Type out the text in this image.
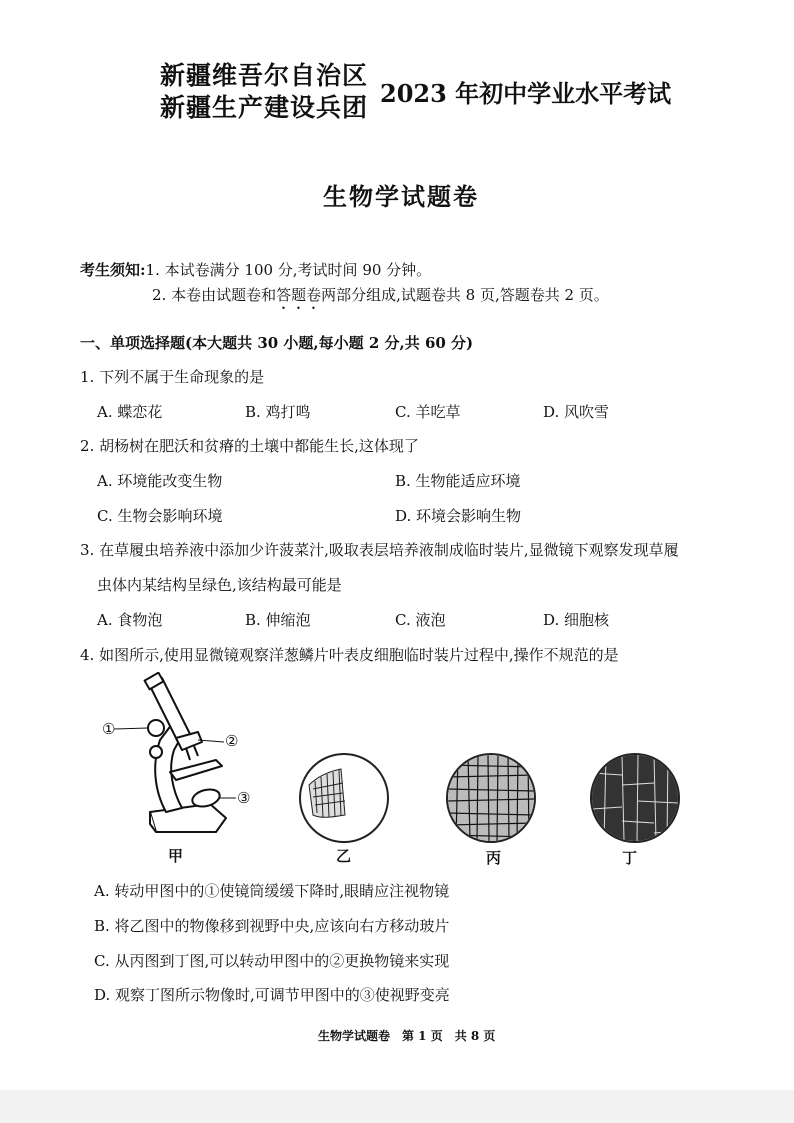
新疆维吾尔自治区
新疆生产建设兵团 2023 年初中学业水平考试
生物学试题卷
考生须知:1. 本试卷满分 100 分,考试时间 90 分钟。
2. 本卷由试题卷和答题卷两部分组成,试题卷共 8 页,答题卷共 2 页。
一、单项选择题(本大题共 30 小题,每小题 2 分,共 60 分)
1. 下列不属于生命现象的是
A. 蝶恋花	B. 鸡打鸣	C. 羊吃草	D. 风吹雪
2. 胡杨树在肥沃和贫瘠的土壤中都能生长,这体现了
A. 环境能改变生物	B. 生物能适应环境
C. 生物会影响环境	D. 环境会影响生物
3. 在草履虫培养液中添加少许菠菜汁,吸取表层培养液制成临时装片,显微镜下观察发现草履
虫体内某结构呈绿色,该结构最可能是
A. 食物泡	B. 伸缩泡	C. 液泡	D. 细胞核
4. 如图所示,使用显微镜观察洋葱鳞片叶表皮细胞临时装片过程中,操作不规范的是
①
②
③
甲	乙	丙	丁
A. 转动甲图中的①使镜筒缓缓下降时,眼睛应注视物镜
B. 将乙图中的物像移到视野中央,应该向右方移动玻片
C. 从丙图到丁图,可以转动甲图中的②更换物镜来实现
D. 观察丁图所示物像时,可调节甲图中的③使视野变亮
生物学试题卷　第 1 页　共 8 页
